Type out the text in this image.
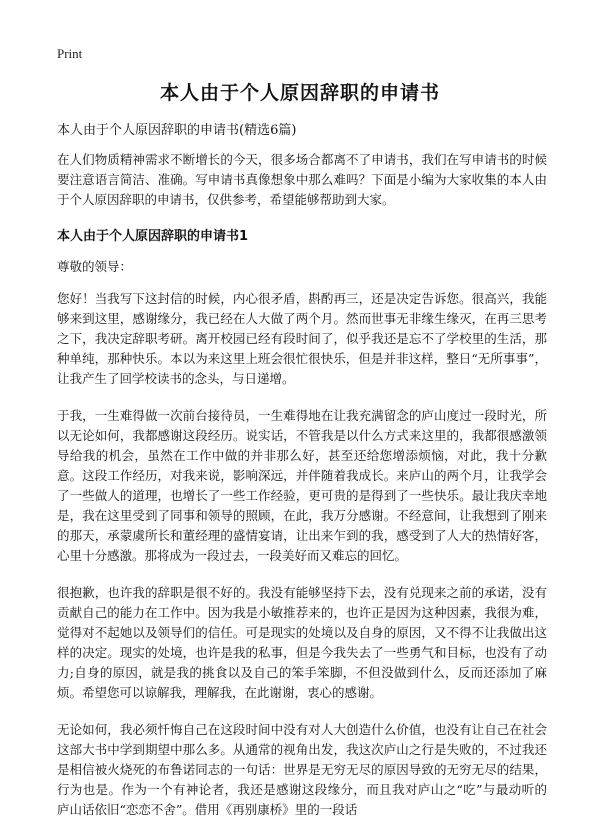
Print
本人由于个人原因辞职的申请书
本人由于个人原因辞职的申请书(精选6篇)

在人们物质精神需求不断增长的今天，很多场合都离不了申请书，我们在写申请书的时候要注意语言简洁、准确。写申请书真像想象中那么难吗？下面是小编为大家收集的本人由于个人原因辞职的申请书，仅供参考，希望能够帮助到大家。

本人由于个人原因辞职的申请书1

尊敬的领导：

您好！当我写下这封信的时候，内心很矛盾，斟酌再三，还是决定告诉您。很高兴，我能够来到这里，感谢缘分，我已经在人大做了两个月。然而世事无非缘生缘灭，在再三思考之下，我决定辞职考研。离开校园已经有段时间了，似乎我还是忘不了学校里的生活，那种单纯，那种快乐。本以为来这里上班会很忙很快乐，但是并非这样，整日“无所事事”，让我产生了回学校读书的念头，与日递增。

于我，一生难得做一次前台接待员，一生难得地在让我充满留念的庐山度过一段时光，所以无论如何，我都感谢这段经历。说实话，不管我是以什么方式来这里的，我都很感激领导给我的机会，虽然在工作中做的并非那么好，甚至还给您增添烦恼，对此，我十分歉意。这段工作经历，对我来说，影响深远，并伴随着我成长。来庐山的两个月，让我学会了一些做人的道理，也增长了一些工作经验，更可贵的是得到了一些快乐。最让我庆幸地是，我在这里受到了同事和领导的照顾，在此，我万分感谢。不经意间，让我想到了刚来的那天，承蒙虞所长和董经理的盛情宴请，让出来乍到的我，感受到了人大的热情好客，心里十分感激。那将成为一段过去，一段美好而又难忘的回忆。

很抱歉，也许我的辞职是很不好的。我没有能够坚持下去，没有兑现来之前的承诺，没有贡献自己的能力在工作中。因为我是小敏推荐来的，也许正是因为这种因素，我很为难，觉得对不起她以及领导们的信任。可是现实的处境以及自身的原因，又不得不让我做出这样的决定。现实的处境，也许是我的私事，但是今我失去了一些勇气和目标，也没有了动力;自身的原因，就是我的挑食以及自己的笨手笨脚，不但没做到什么，反而还添加了麻烦。希望您可以谅解我，理解我，在此谢谢，衷心的感谢。

无论如何，我必须忏悔自己在这段时间中没有对人大创造什么价值，也没有让自己在社会这部大书中学到期望中那么多。从通常的视角出发，我这次庐山之行是失败的，不过我还是相信被火烧死的布鲁诺同志的一句话：世界是无穷无尽的原因导致的无穷无尽的结果，行为也是。作为一个有神论者，我还是感谢这段缘分，而且我对庐山之“吃”与最动听的 庐山话依旧“恋恋不舍”。借用《再别康桥》里的一段话
